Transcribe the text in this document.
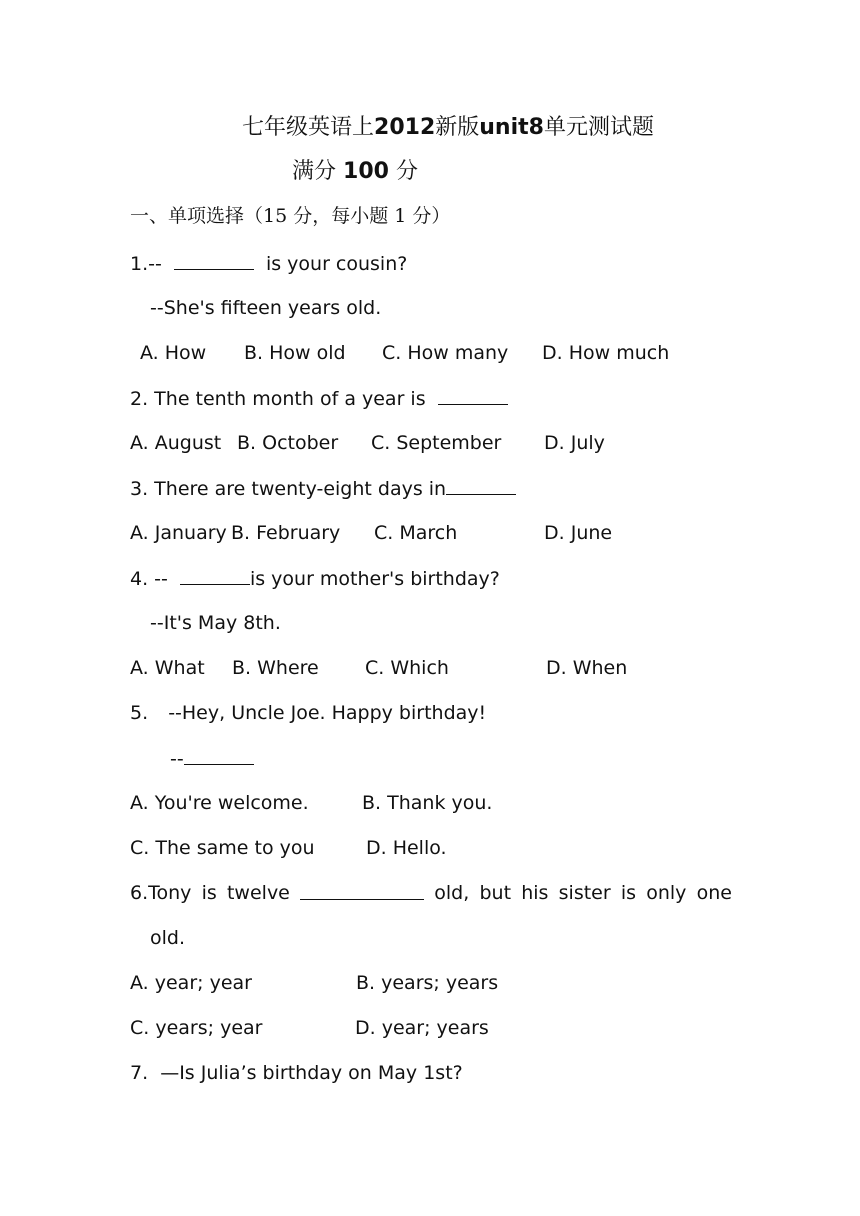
七年级英语上2012新版unit8单元测试题
满分 100 分
一、单项选择（15 分，每小题 1 分）
1.--	is your cousin?
--She's fifteen years old.
A. How B. How old C. How many D. How much
2. The tenth month of a year is
A. August B. October C. September D. July
3. There are twenty-eight days in
A. January B. February C. March	D. June
4. --	is your mother's birthday?
--It's May 8th.
A. What B. Where C. Which	D. When
5. --Hey, Uncle Joe. Happy birthday!
--
A. You're welcome.	B. Thank you.
C. The same to you	D. Hello.
6.Tony is twelve	old, but his sister is only one
old.
A. year; year	B. years; years
C. years; year	D. year; years
7. —Is Julia’s birthday on May 1st?
